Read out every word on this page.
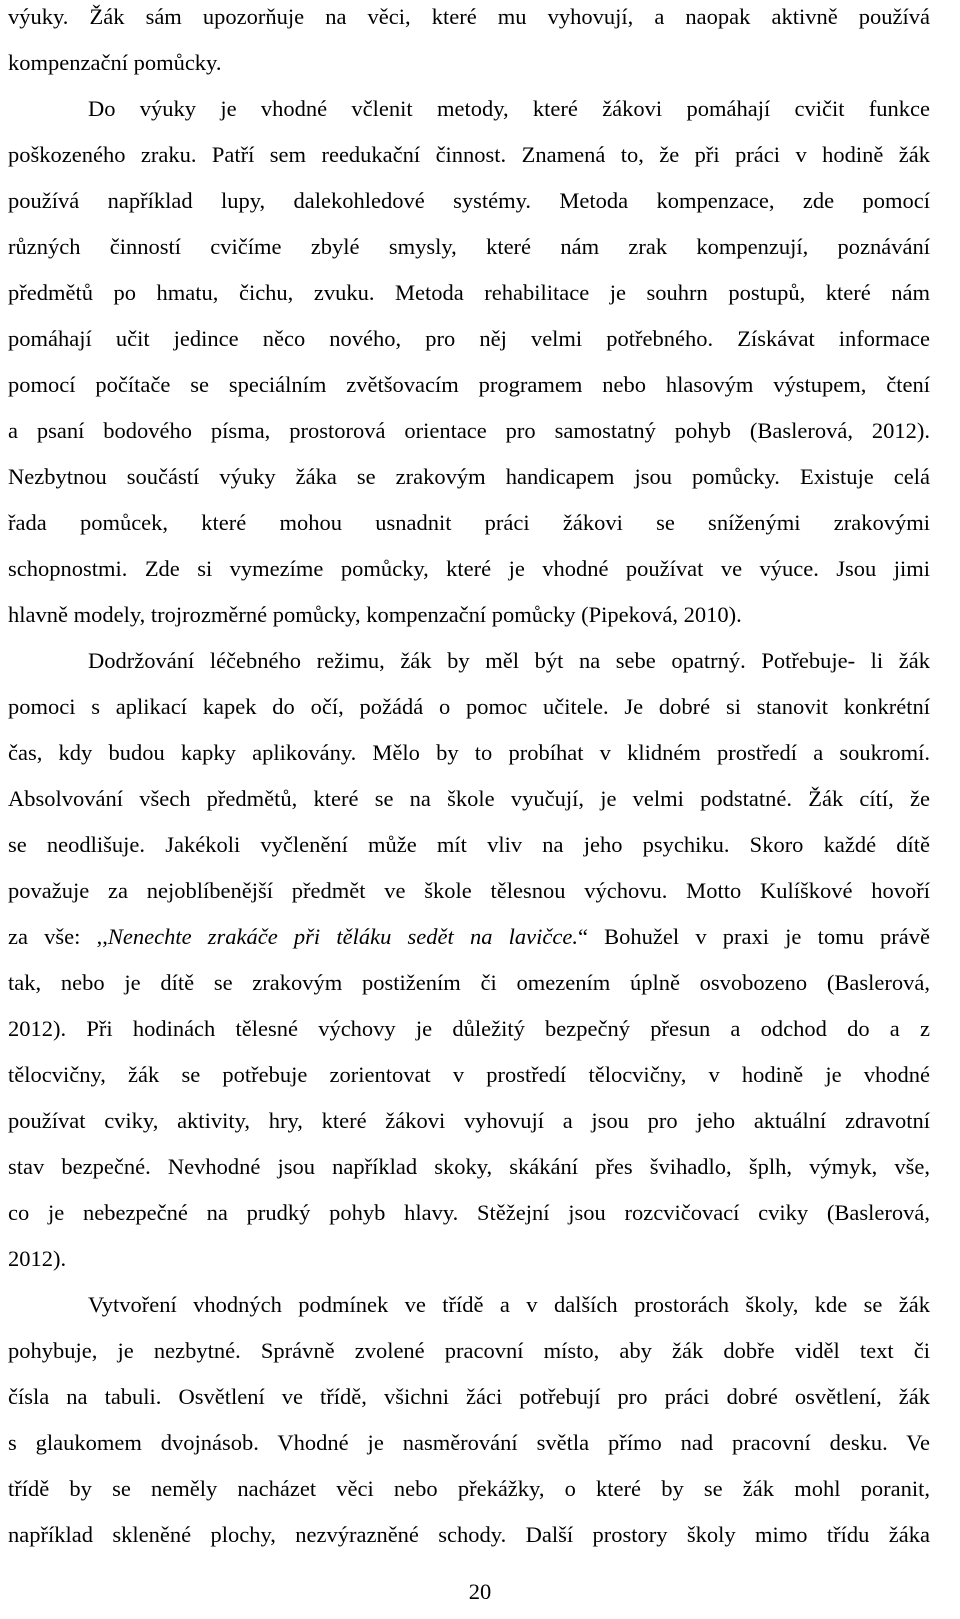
výuky. Žák sám upozorňuje na věci, které mu vyhovují, a naopak aktivně používá
kompenzační pomůcky.
Do výuky je vhodné včlenit metody, které žákovi pomáhají cvičit funkce
poškozeného zraku. Patří sem reedukační činnost. Znamená to, že při práci v hodině žák
používá například lupy, dalekohledové systémy. Metoda kompenzace, zde pomocí
různých činností cvičíme zbylé smysly, které nám zrak kompenzují, poznávání
předmětů po hmatu, čichu, zvuku. Metoda rehabilitace je souhrn postupů, které nám
pomáhají učit jedince něco nového, pro něj velmi potřebného. Získávat informace
pomocí počítače se speciálním zvětšovacím programem nebo hlasovým výstupem, čtení
a psaní bodového písma, prostorová orientace pro samostatný pohyb (Baslerová, 2012).
Nezbytnou součástí výuky žáka se zrakovým handicapem jsou pomůcky. Existuje celá
řada pomůcek, které mohou usnadnit práci žákovi se sníženými zrakovými
schopnostmi. Zde si vymezíme pomůcky, které je vhodné používat ve výuce. Jsou jimi
hlavně modely, trojrozměrné pomůcky, kompenzační pomůcky (Pipeková, 2010).
Dodržování léčebného režimu, žák by měl být na sebe opatrný. Potřebuje- li žák
pomoci s aplikací kapek do očí, požádá o pomoc učitele. Je dobré si stanovit konkrétní
čas, kdy budou kapky aplikovány. Mělo by to probíhat v klidném prostředí a soukromí.
Absolvování všech předmětů, které se na škole vyučují, je velmi podstatné. Žák cítí, že
se neodlišuje. Jakékoli vyčlenění může mít vliv na jeho psychiku. Skoro každé dítě
považuje za nejoblíbenější předmět ve škole tělesnou výchovu. Motto Kulíškové hovoří
za vše: ,,Nenechte zrakáče při těláku sedět na lavičce.“ Bohužel v praxi je tomu právě
tak, nebo je dítě se zrakovým postižením či omezením úplně osvobozeno (Baslerová,
2012). Při hodinách tělesné výchovy je důležitý bezpečný přesun a odchod do a z
tělocvičny, žák se potřebuje zorientovat v prostředí tělocvičny, v hodině je vhodné
používat cviky, aktivity, hry, které žákovi vyhovují a jsou pro jeho aktuální zdravotní
stav bezpečné. Nevhodné jsou například skoky, skákání přes švihadlo, šplh, výmyk, vše,
co je nebezpečné na prudký pohyb hlavy. Stěžejní jsou rozcvičovací cviky (Baslerová,
2012).
Vytvoření vhodných podmínek ve třídě a v dalších prostorách školy, kde se žák
pohybuje, je nezbytné. Správně zvolené pracovní místo, aby žák dobře viděl text či
čísla na tabuli. Osvětlení ve třídě, všichni žáci potřebují pro práci dobré osvětlení, žák
s glaukomem dvojnásob. Vhodné je nasměrování světla přímo nad pracovní desku. Ve
třídě by se neměly nacházet věci nebo překážky, o které by se žák mohl poranit,
například skleněné plochy, nezvýrazněné schody. Další prostory školy mimo třídu žáka
20
